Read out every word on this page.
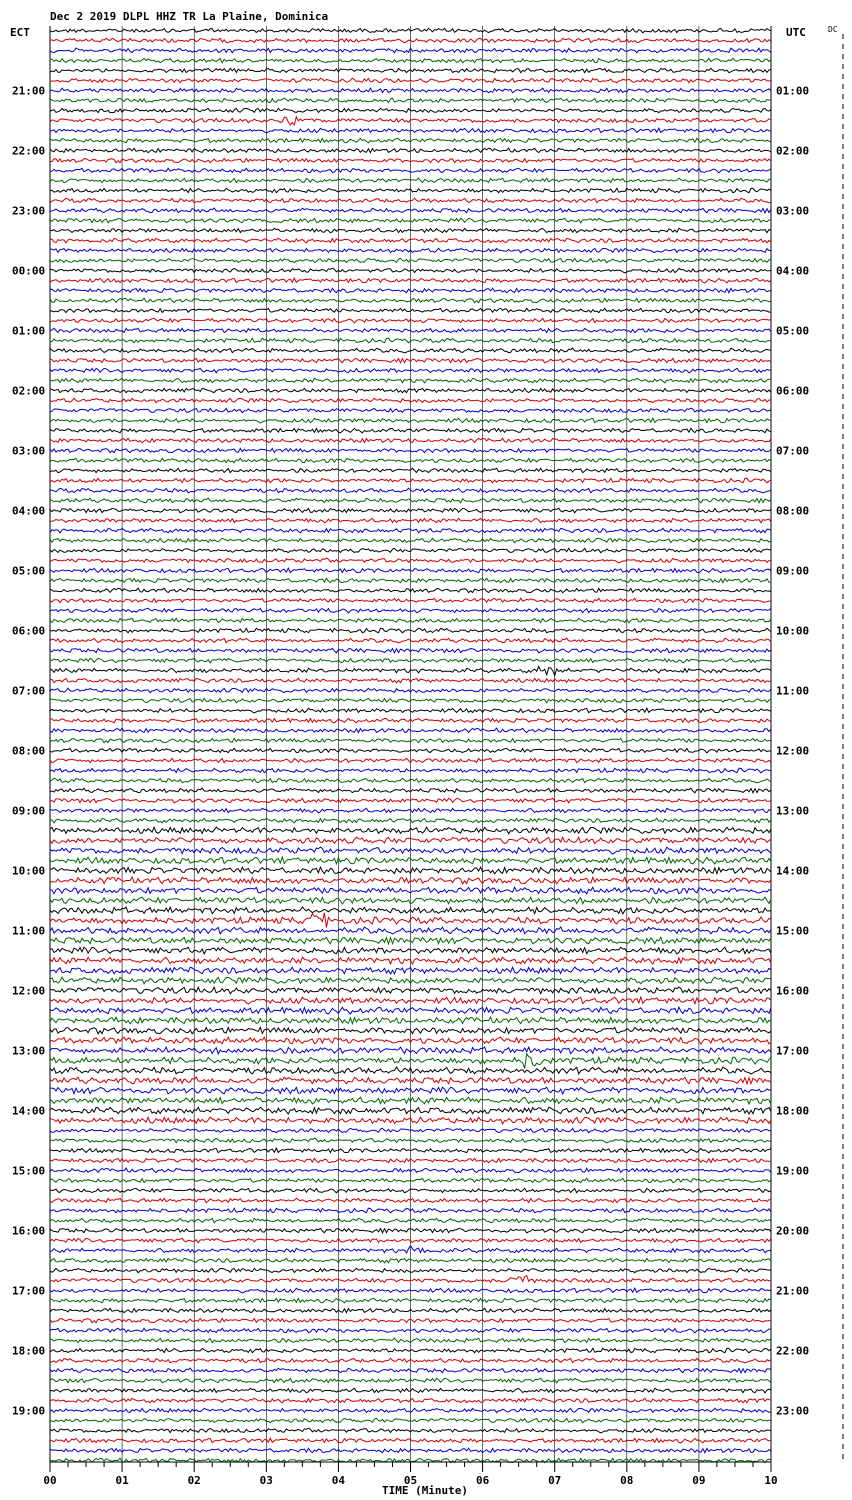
Dec 2 2019 DLPL HHZ TR La Plaine, Dominica
ECT	UTC	DC
21:00
22:00
23:00
00:00
01:00
02:00
03:00
04:00
05:00
06:00
07:00
08:00
09:00
10:00
11:00
12:00
13:00
14:00
15:00
16:00
17:00
18:00
19:00
01:00
02:00
03:00
04:00
05:00
06:00
07:00
08:00
09:00
10:00
11:00
12:00
13:00
14:00
15:00
16:00
17:00
18:00
19:00
20:00
21:00
22:00
23:00
00	01	02	03	04	05	06	07	08	09	10
TIME (Minute)
